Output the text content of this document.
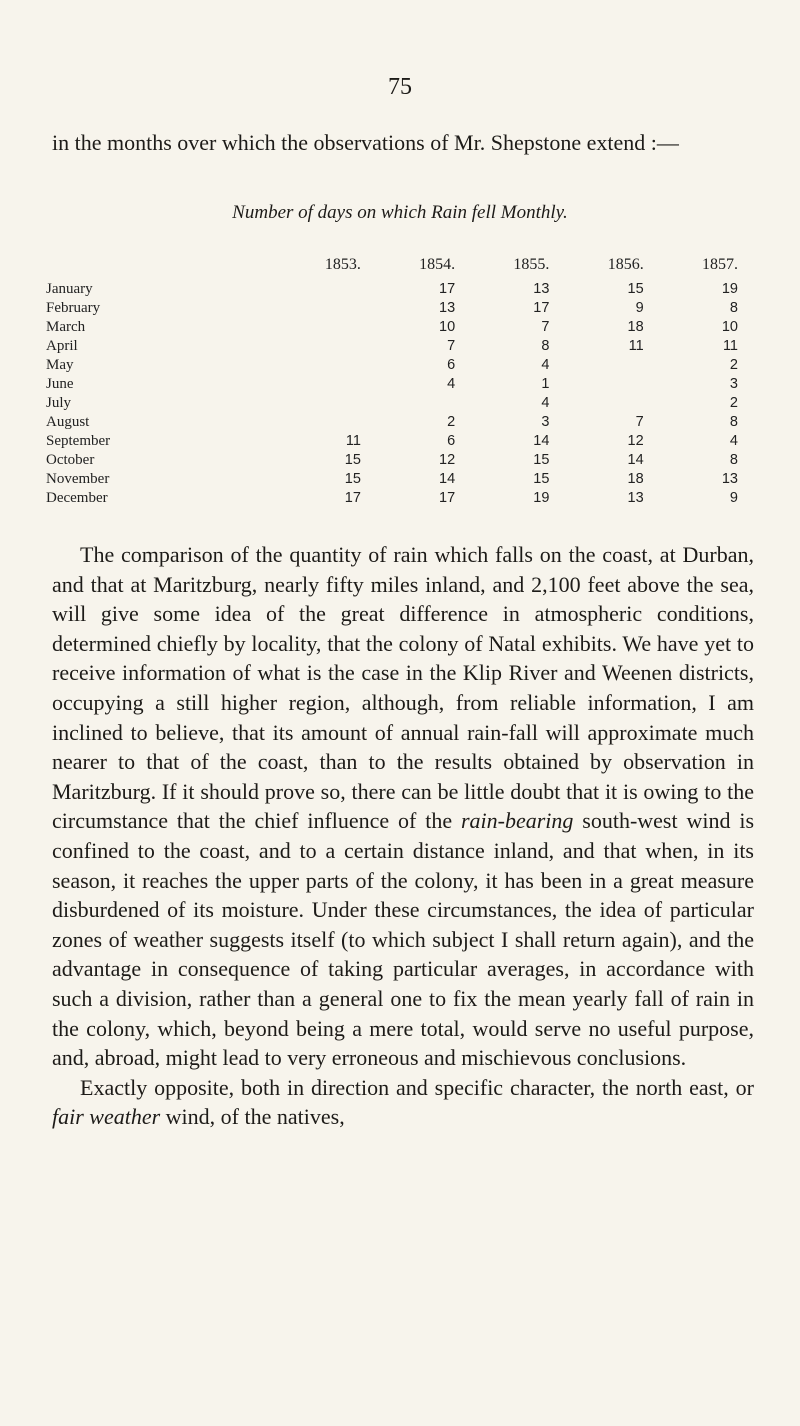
75
in the months over which the observations of Mr. Shepstone extend :—
Number of days on which Rain fell Monthly.
	1853.	1854.	1855.	1856.	1857.
January		17	13	15	19
February		13	17	9	8
March		10	7	18	10
April		7	8	11	11
May		6	4		2
June		4	1		3
July			4		2
August		2	3	7	8
September	11	6	14	12	4
October	15	12	15	14	8
November	15	14	15	18	13
December	17	17	19	13	9

The comparison of the quantity of rain which falls on the coast, at Durban, and that at Maritzburg, nearly fifty miles inland, and 2,100 feet above the sea, will give some idea of the great difference in atmospheric conditions, determined chiefly by locality, that the colony of Natal exhibits. We have yet to receive information of what is the case in the Klip River and Weenen districts, occupying a still higher region, although, from reliable information, I am inclined to believe, that its amount of annual rain-fall will approximate much nearer to that of the coast, than to the results obtained by observation in Maritzburg. If it should prove so, there can be little doubt that it is owing to the circumstance that the chief influence of the rain-bearing south-west wind is confined to the coast, and to a certain distance inland, and that when, in its season, it reaches the upper parts of the colony, it has been in a great measure disburdened of its moisture. Under these circumstances, the idea of particular zones of weather suggests itself (to which subject I shall return again), and the advantage in consequence of taking particular averages, in accordance with such a division, rather than a general one to fix the mean yearly fall of rain in the colony, which, beyond being a mere total, would serve no useful purpose, and, abroad, might lead to very erroneous and mischievous conclusions.

Exactly opposite, both in direction and specific character, the north east, or fair weather wind, of the natives,
